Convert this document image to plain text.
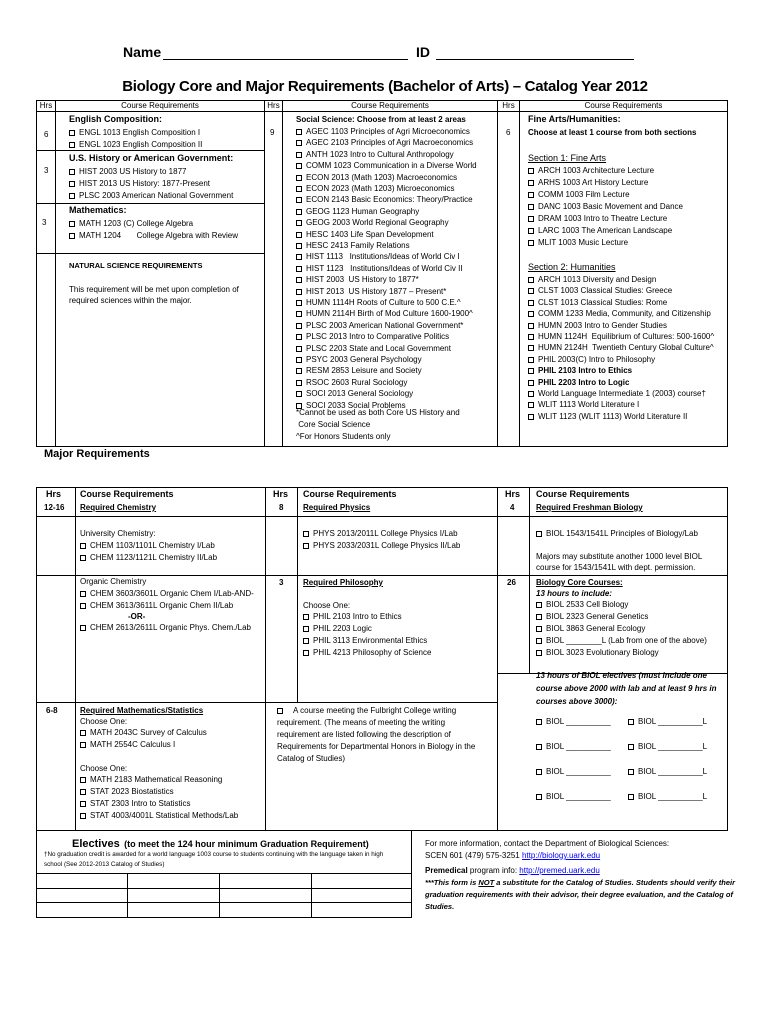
Name	ID
Biology Core and Major Requirements (Bachelor of Arts) – Catalog Year 2012
Hrs	Course Requirements	Hrs	Course Requirements	Hrs	Course Requirements
English Composition:
6	ENGL 1013 English Composition I
ENGL 1023 English Composition II
U.S. History or American Government:
3	HIST 2003 US History to 1877
HIST 2013 US History: 1877-Present
PLSC 2003 American National Government
Mathematics:
3	MATH 1203 (C) College Algebra
MATH 1204       College Algebra with Review
NATURAL SCIENCE REQUIREMENTS
This requirement will be met upon completion of
required sciences within the major.
Social Science: Choose from at least 2 areas
9	AGEC 1103 Principles of Agri Microeconomics
AGEC 2103 Principles of Agri Macroeconomics
ANTH 1023 Intro to Cultural Anthropology
COMM 1023 Communication in a Diverse World
ECON 2013 (Math 1203) Macroeconomics
ECON 2023 (Math 1203) Microeconomics
ECON 2143 Basic Economics: Theory/Practice
GEOG 1123 Human Geography
GEOG 2003 World Regional Geography
HESC 1403 Life Span Development
HESC 2413 Family Relations
HIST 1113   Institutions/Ideas of World Civ I
HIST 1123   Institutions/Ideas of World Civ II
HIST 2003  US History to 1877*
HIST 2013  US History 1877 – Present*
HUMN 1114H Roots of Culture to 500 C.E.^
HUMN 2114H Birth of Mod Culture 1600-1900^
PLSC 2003 American National Government*
PLSC 2013 Intro to Comparative Politics
PLSC 2203 State and Local Government
PSYC 2003 General Psychology
RESM 2853 Leisure and Society
RSOC 2603 Rural Sociology
SOCI 2013 General Sociology
SOCI 2033 Social Problems
*Cannot be used as both Core US History and
Core Social Science
^For Honors Students only
Fine Arts/Humanities:
6 Choose at least 1 course from both sections
Section 1: Fine Arts
ARCH 1003 Architecture Lecture
ARHS 1003 Art History Lecture
COMM 1003 Film Lecture
DANC 1003 Basic Movement and Dance
DRAM 1003 Intro to Theatre Lecture
LARC 1003 The American Landscape
MLIT 1003 Music Lecture
Section 2: Humanities
ARCH 1013 Diversity and Design
CLST 1003 Classical Studies: Greece
CLST 1013 Classical Studies: Rome
COMM 1233 Media, Community, and Citizenship
HUMN 2003 Intro to Gender Studies
HUMN 1124H  Equilibrium of Cultures: 500-1600^
HUMN 2124H  Twentieth Century Global Culture^
PHIL 2003(C) Intro to Philosophy
PHIL 2103 Intro to Ethics
PHIL 2203 Intro to Logic
World Language Intermediate 1 (2003) course†
WLIT 1113 World Literature I
WLIT 1123 (WLIT 1113) World Literature II
Major Requirements
Hrs Course Requirements	Hrs Course Requirements	Hrs Course Requirements
12-16 Required Chemistry
University Chemistry:
CHEM 1103/1101L Chemistry I/Lab
CHEM 1123/1121L Chemistry II/Lab
Organic Chemistry
CHEM 3603/3601L Organic Chem I/Lab-AND-
CHEM 3613/3611L Organic Chem II/Lab
-OR-
CHEM 2613/2611L Organic Phys. Chem./Lab
8 Required Physics
PHYS 2013/2011L College Physics I/Lab
PHYS 2033/2031L College Physics II/Lab
4	Required Freshman Biology
BIOL 1543/1541L Principles of Biology/Lab
Majors may substitute another 1000 level BIOL
course for 1543/1541L with dept. permission.
3 Required Philosophy
Choose One:
PHIL 2103 Intro to Ethics
PHIL 2203 Logic
PHIL 3113 Environmental Ethics
PHIL 4213 Philosophy of Science
26	Biology Core Courses:
13 hours to include:
BIOL 2533 Cell Biology
BIOL 2323 General Genetics
BIOL 3863 General Ecology
BIOL ________L (Lab from one of the above)
BIOL 3023 Evolutionary Biology
13 hours of BIOL electives (must include one
course above 2000 with lab and at least 9 hrs in
courses above 3000):
BIOL __________	BIOL __________L
BIOL __________	BIOL __________L
BIOL __________	BIOL __________L
BIOL __________	BIOL __________L
6-8	Required Mathematics/Statistics
Choose One:
MATH 2043C Survey of Calculus
MATH 2554C Calculus I
Choose One:
MATH 2183 Mathematical Reasoning
STAT 2023 Biostatistics
STAT 2303 Intro to Statistics
STAT 4003/4001L Statistical Methods/Lab
A course meeting the Fulbright College writing
requirement. (The means of meeting the writing
requirement are listed following the description of
Requirements for Departmental Honors in Biology in the
Catalog of Studies)
Electives (to meet the 124 hour minimum Graduation Requirement)
†No graduation credit is awarded for a world language 1003 course to students continuing with the language taken in high
school (See 2012-2013 Catalog of Studies)
For more information, contact the Department of Biological Sciences:
SCEN 601 (479) 575-3251 http://biology.uark.edu
Premedical program info: http://premed.uark.edu
***This form is NOT a substitute for the Catalog of Studies. Students should verify their
graduation requirements with their advisor, their degree evaluation, and the Catalog of
Studies.
